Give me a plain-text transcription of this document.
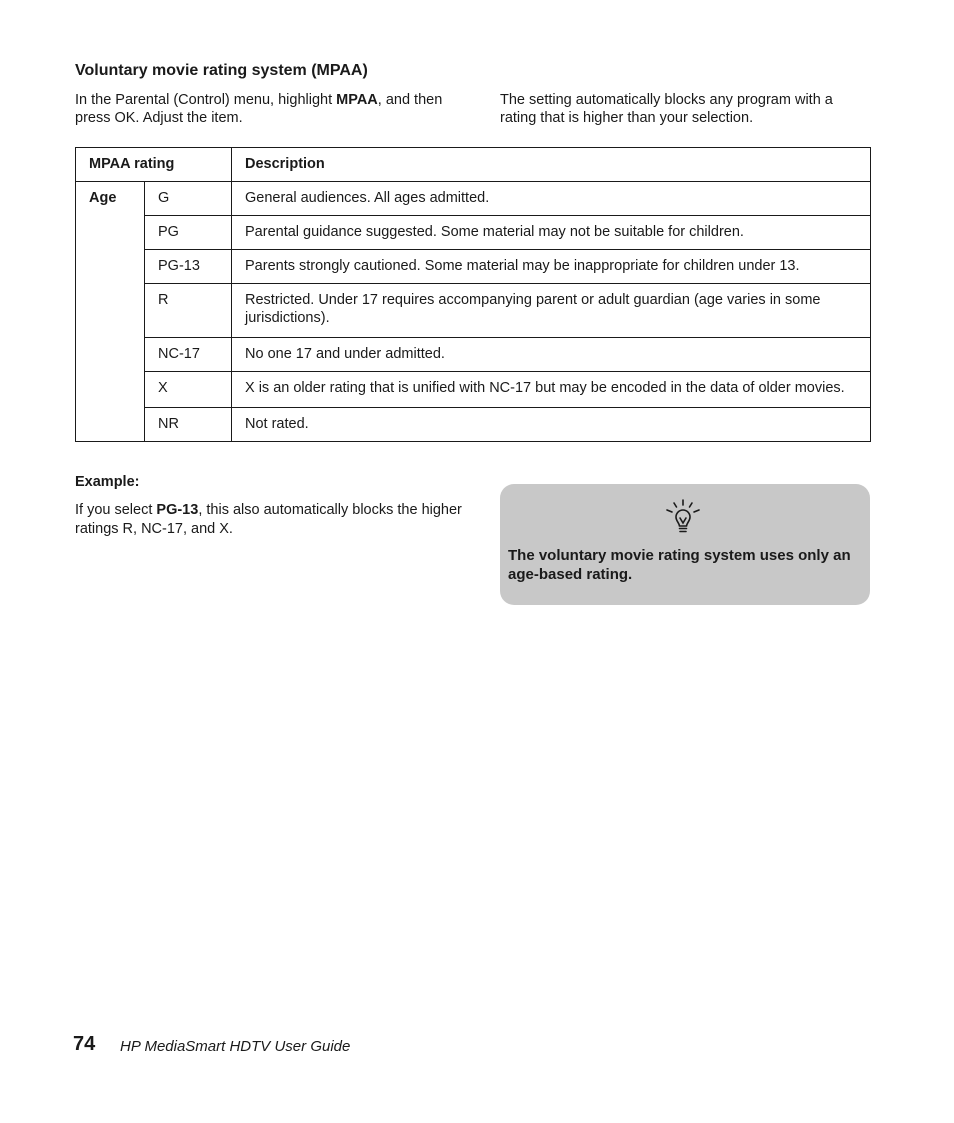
Voluntary movie rating system (MPAA)
In the Parental (Control) menu, highlight MPAA, and then press OK. Adjust the item.
The setting automatically blocks any program with a rating that is higher than your selection.
MPAA rating		Description
Age	G	General audiences. All ages admitted.
	PG	Parental guidance suggested. Some material may not be suitable for children.
	PG-13	Parents strongly cautioned. Some material may be inappropriate for children under 13.
	R	Restricted. Under 17 requires accompanying parent or adult guardian (age varies in some jurisdictions).
	NC-17	No one 17 and under admitted.
	X	X is an older rating that is unified with NC-17 but may be encoded in the data of older movies.
	NR	Not rated.
Example:
If you select PG-13, this also automatically blocks the higher ratings R, NC-17, and X.
The voluntary movie rating system uses only an age-based rating.
74 HP MediaSmart HDTV User Guide
